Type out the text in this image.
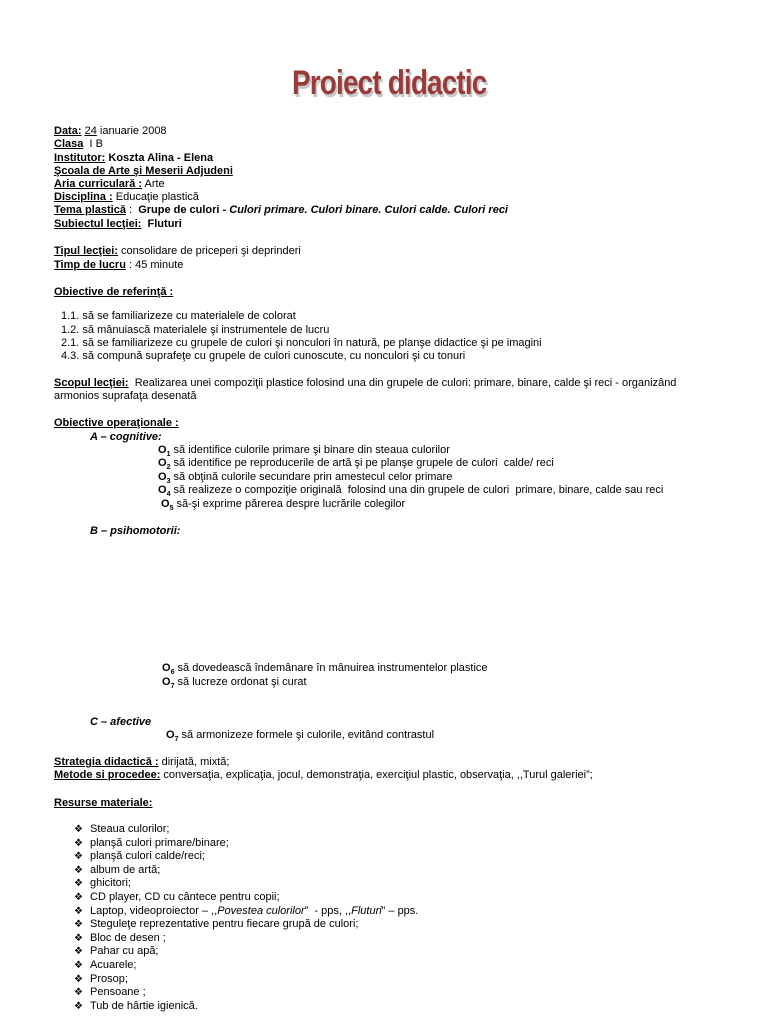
Proiect didactic
Data: 24 ianuarie 2008
Clasa  I B
Institutor: Koszta Alina - Elena
Şcoala de Arte şi Meserii Adjudeni
Aria curriculară : Arte
Disciplina : Educaţie plastică
Tema plastică :  Grupe de culori - Culori primare. Culori binare. Culori calde. Culori reci
Subiectul lecţiei:  Fluturi
Tipul lecţiei: consolidare de priceperi şi deprinderi
Timp de lucru : 45 minute
Obiective de referinţă :
1.1. să se familiarizeze cu materialele de colorat
1.2. să mânuiască materialele şi instrumentele de lucru
2.1. să se familiarizeze cu grupele de culori şi nonculori în natură, pe planşe didactice şi pe imagini
4.3. să compună suprafeţe cu grupele de culori cunoscute, cu nonculori şi cu tonuri
Scopul lecţiei:  Realizarea unei compoziţii plastice folosind una din grupele de culori: primare, binare, calde şi reci - organizând
armonios suprafaţa desenată
Obiective operaţionale :
A – cognitive:
$O_1$ să identifice culorile primare şi binare din steaua culorilor
$O_2$ să identifice pe reproducerile de artă şi pe planşe grupele de culori  calde/ reci
$O_3$ să obţină culorile secundare prin amestecul celor primare
$O_4$ să realizeze o compoziţie originală  folosind una din grupele de culori  primare, binare, calde sau reci
$O_5$ să-şi exprime părerea despre lucrările colegilor
B – psihomotorii:
$O_6$ să dovedească îndemânare în mânuirea instrumentelor plastice
$O_7$ să lucreze ordonat şi curat
C – afective
$O_7$ să armonizeze formele şi culorile, evitând contrastul
Strategia didactică : dirijată, mixtă;
Metode si procedee: conversaţia, explicaţia, jocul, demonstraţia, exerciţiul plastic, observaţia, ,,Turul galeriei”;
Resurse materiale:
❖ Steaua culorilor;
❖ planşă culori primare/binare;
❖ planşă culori calde/reci;
❖ album de artă;
❖ ghicitori;
❖ CD player, CD cu cântece pentru copii;
❖ Laptop, videoproiector – ,,Povestea culorilor”  - pps, ,,Fluturi” – pps.
❖ Steguleţe reprezentative pentru fiecare grupă de culori;
❖ Bloc de desen ;
❖ Pahar cu apă;
❖ Acuarele;
❖ Prosop;
❖ Pensoane ;
❖ Tub de hârtie igienică.
